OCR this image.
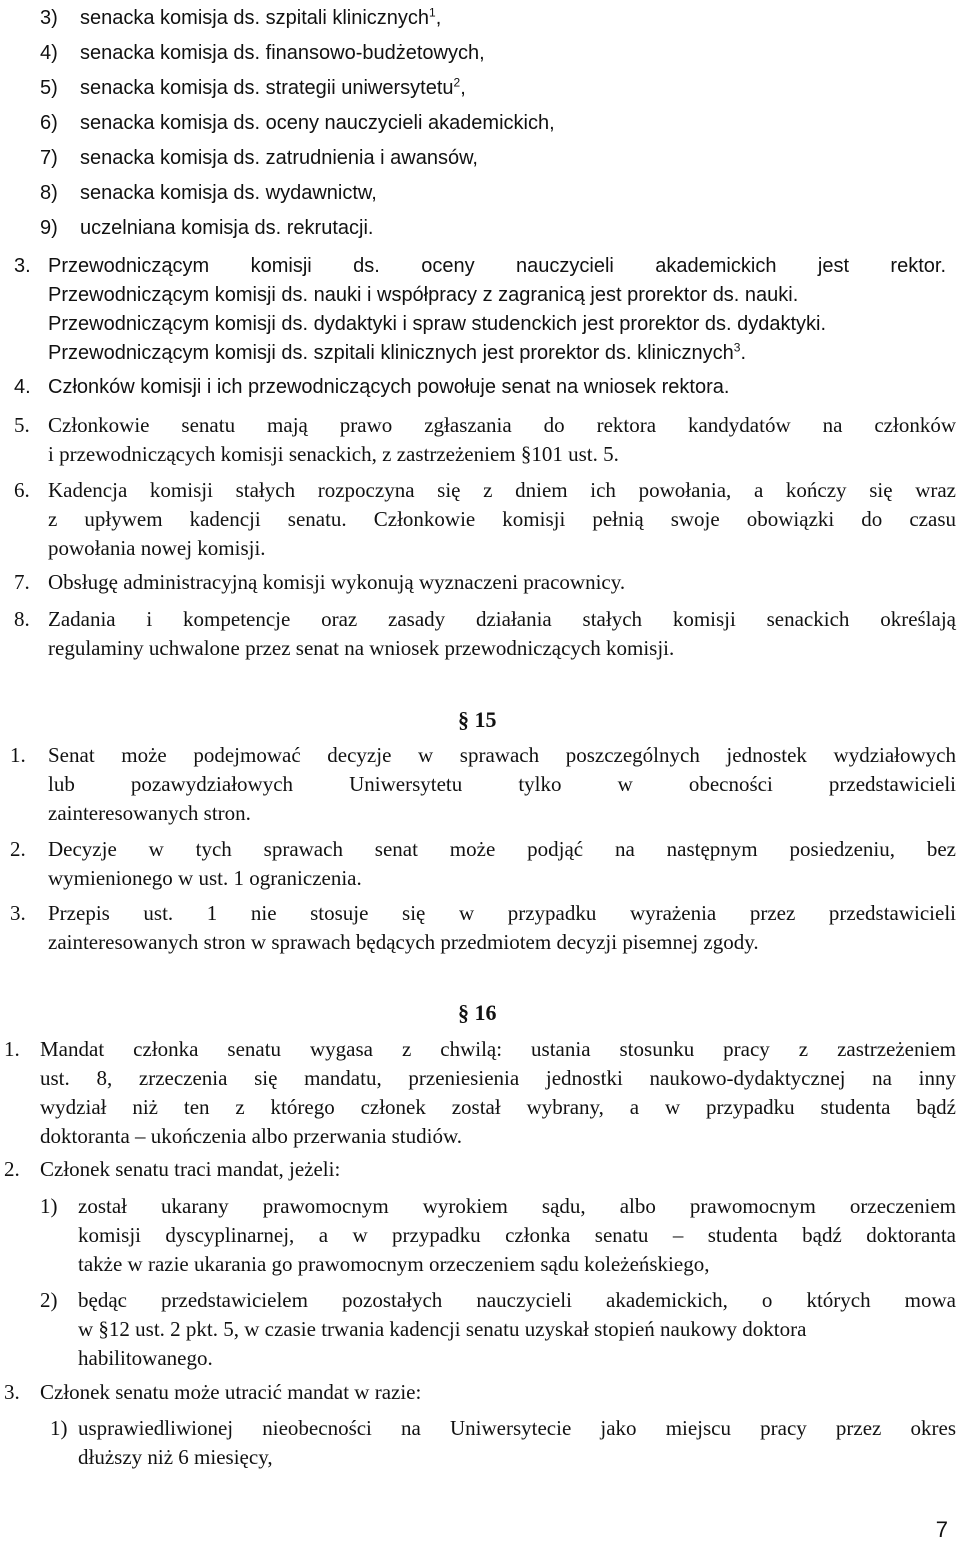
3) senacka komisja ds. szpitali klinicznych$^1$,
4) senacka komisja ds. finansowo-budżetowych,
5) senacka komisja ds. strategii uniwersytetu$^2$,
6) senacka komisja ds. oceny nauczycieli akademickich,
7) senacka komisja ds. zatrudnienia i awansów,
8) senacka komisja ds. wydawnictw,
9) uczelniana komisja ds. rekrutacji.
3. Przewodniczącym komisji ds. oceny nauczycieli akademickich jest rektor.
Przewodniczącym komisji ds. nauki i współpracy z zagranicą jest prorektor ds. nauki.
Przewodniczącym komisji ds. dydaktyki i spraw studenckich jest prorektor ds. dydaktyki.
Przewodniczącym komisji ds. szpitali klinicznych jest prorektor ds. klinicznych$^3$.
4. Członków komisji i ich przewodniczących powołuje senat na wniosek rektora.
5. Członkowie senatu mają prawo zgłaszania do rektora kandydatów na członków
i przewodniczących komisji senackich, z zastrzeżeniem §101 ust. 5.
6. Kadencja komisji stałych rozpoczyna się z dniem ich powołania, a kończy się wraz
z upływem kadencji senatu. Członkowie komisji pełnią swoje obowiązki do czasu
powołania nowej komisji.
7. Obsługę administracyjną komisji wykonują wyznaczeni pracownicy.
8. Zadania i kompetencje oraz zasady działania stałych komisji senackich określają
regulaminy uchwalone przez senat na wniosek przewodniczących komisji.
§ 15
1. Senat może podejmować decyzje w sprawach poszczególnych jednostek wydziałowych
lub pozawydziałowych Uniwersytetu tylko w obecności przedstawicieli
zainteresowanych stron.
2. Decyzje w tych sprawach senat może podjąć na następnym posiedzeniu, bez
wymienionego w ust. 1 ograniczenia.
3. Przepis ust. 1 nie stosuje się w przypadku wyrażenia przez przedstawicieli
zainteresowanych stron w sprawach będących przedmiotem decyzji pisemnej zgody.
§ 16
1. Mandat członka senatu wygasa z chwilą: ustania stosunku pracy z zastrzeżeniem
ust. 8, zrzeczenia się mandatu, przeniesienia jednostki naukowo-dydaktycznej na inny
wydział niż ten z którego członek został wybrany, a w przypadku studenta bądź
doktoranta – ukończenia albo przerwania studiów.
2. Członek senatu traci mandat, jeżeli:
1) został ukarany prawomocnym wyrokiem sądu, albo prawomocnym orzeczeniem
komisji dyscyplinarnej, a w przypadku członka senatu – studenta bądź doktoranta
także w razie ukarania go prawomocnym orzeczeniem sądu koleżeńskiego,
2) będąc przedstawicielem pozostałych nauczycieli akademickich, o których mowa
w §12 ust. 2 pkt. 5, w czasie trwania kadencji senatu uzyskał stopień naukowy doktora
habilitowanego.
3. Członek senatu może utracić mandat w razie:
1) usprawiedliwionej nieobecności na Uniwersytecie jako miejscu pracy przez okres
dłuższy niż 6 miesięcy,
7
